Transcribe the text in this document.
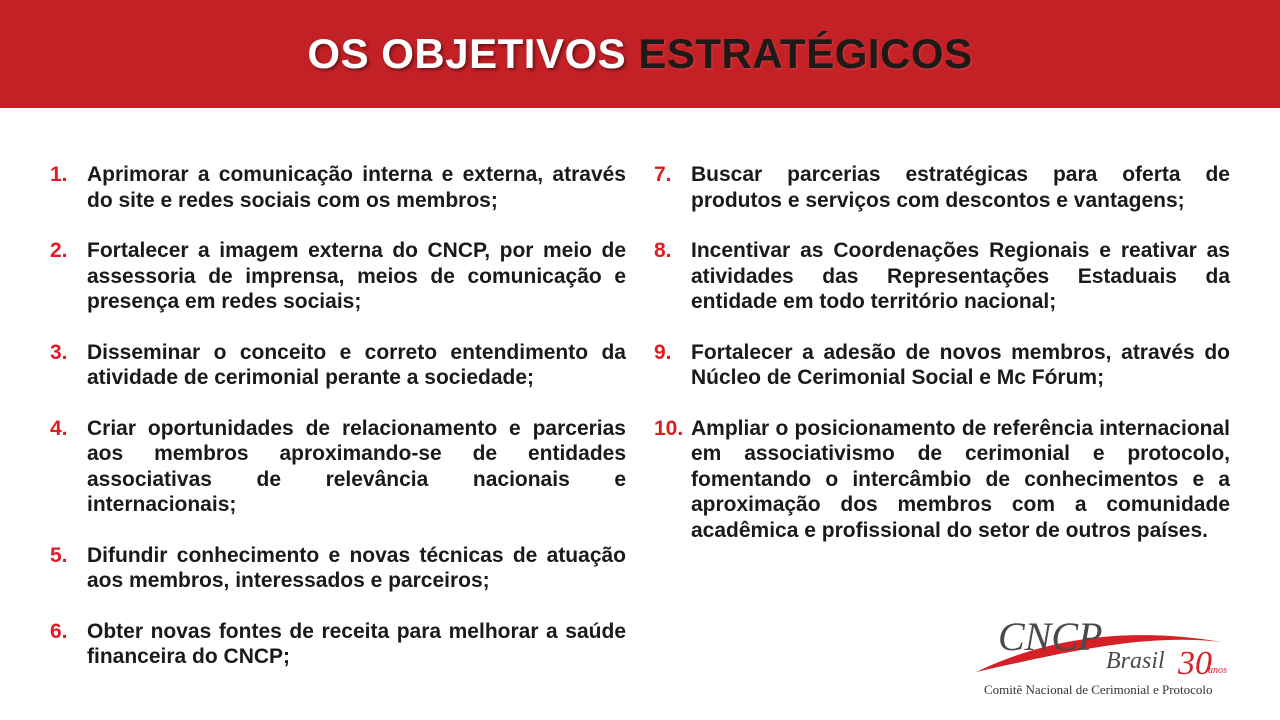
OS OBJETIVOS ESTRATÉGICOS
1. Aprimorar a comunicação interna e externa, através do site e redes sociais com os membros;
2. Fortalecer a imagem externa do CNCP, por meio de assessoria de imprensa, meios de comunicação e presença em redes sociais;
3. Disseminar o conceito e correto entendimento da atividade de cerimonial perante a sociedade;
4. Criar oportunidades de relacionamento e parcerias aos membros aproximando-se de entidades associativas de relevância nacionais e internacionais;
5. Difundir conhecimento e novas técnicas de atuação aos membros, interessados e parceiros;
6. Obter novas fontes de receita para melhorar a saúde financeira do CNCP;
7. Buscar parcerias estratégicas para oferta de produtos e serviços com descontos e vantagens;
8. Incentivar as Coordenações Regionais e reativar as atividades das Representações Estaduais da entidade em todo território nacional;
9. Fortalecer a adesão de novos membros, através do Núcleo de Cerimonial Social e Mc Fórum;
10. Ampliar o posicionamento de referência internacional em associativismo de cerimonial e protocolo, fomentando o intercâmbio de conhecimentos e a aproximação dos membros com a comunidade acadêmica e profissional do setor de outros países.
CNCP
Brasil 30
anos
Comitê Nacional de Cerimonial e Protocolo
